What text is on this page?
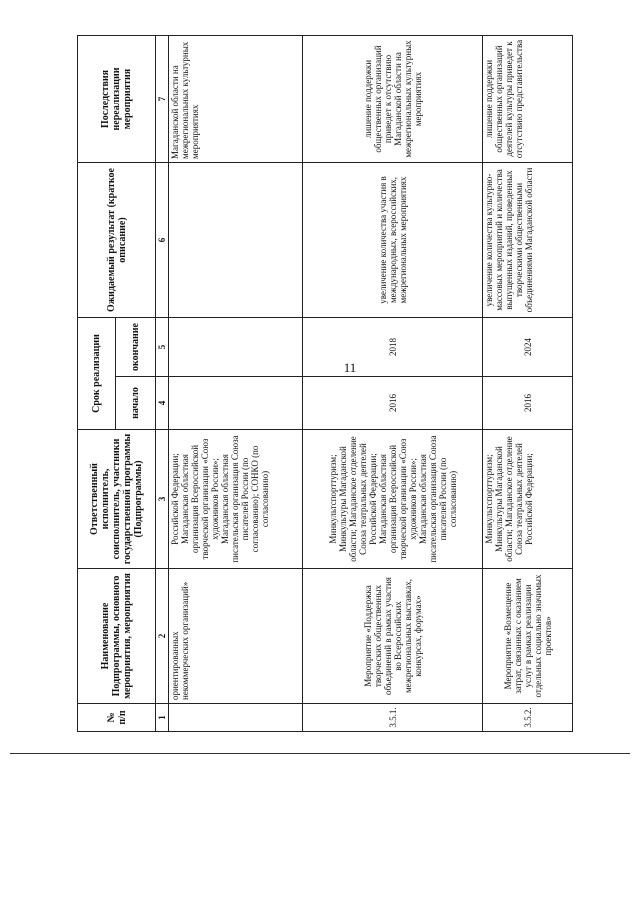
11
№ п/п	Наименование Подпрограммы, основного мероприятия, мероприятия	Ответственный исполнитель, соисполнитель, участники государственной программы (Подпрограммы)	Срок реализации		Ожидаемый результат (краткое описание)	Последствия нереализации мероприятия
			начало	окончание		
1	2	3	4	5	6	7
	ориентированных некоммерческих организаций»	Российской Федерации; Магаданская областная организация Всероссийской творческой организации «Союз художников России»; Магаданская областная писательская организация Союза писателей России (по согласованию); СОНКО (по согласованию)				Магаданской области на межрегиональных культурных мероприятиях
3.5.1.	Мероприятие «Поддержка творческих общественных объединений в рамках участия во Всероссийских межрегиональных выставках, конкурсах, форумах»	Минкультспорттуризм; Минкультуры Магаданской области; Магаданское отделение Союза театральных деятелей Российской Федерации; Магаданская областная организация Всероссийской творческой организации «Союз художников России»; Магаданская областная писательская организация Союза писателей России (по согласованию)	2016	2018	увеличение количества участия в международных, всероссийских, межрегиональных мероприятиях	лишение поддержки общественных организаций приведет к отсутствию Магаданской области на межрегиональных культурных мероприятиях
3.5.2.	Мероприятие «Возмещение затрат, связанных с оказанием услуг в рамках реализации отдельных социально значимых проектов»	Минкультспорттуризм; Минкультуры Магаданской области; Магаданское отделение Союза театральных деятелей Российской Федерации;	2016	2024	увеличение количества культурно-массовых мероприятий и количества выпущенных изданий, проведенных творческими общественными объединениями Магаданской области	лишение поддержки общественных организаций деятелей культуры приведет к отсутствию представительства
